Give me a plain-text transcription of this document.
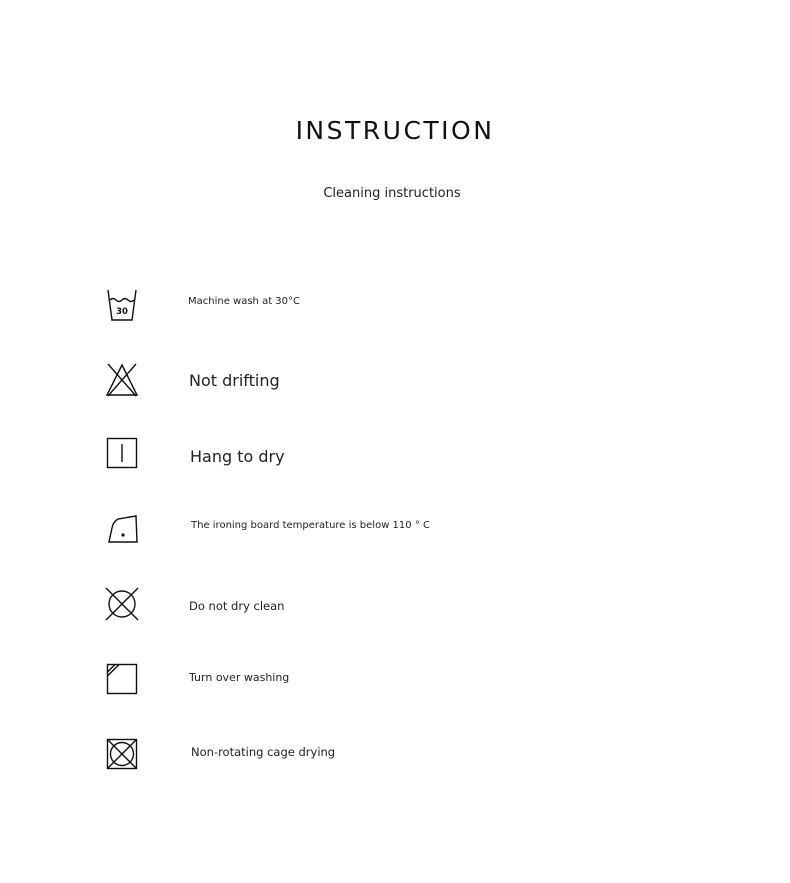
INSTRUCTION
Cleaning instructions
30
Machine wash at 30°C
Not drifting
Hang to dry
The ironing board temperature is below 110 ° C
Do not dry clean
Turn over washing
Non-rotating cage drying
